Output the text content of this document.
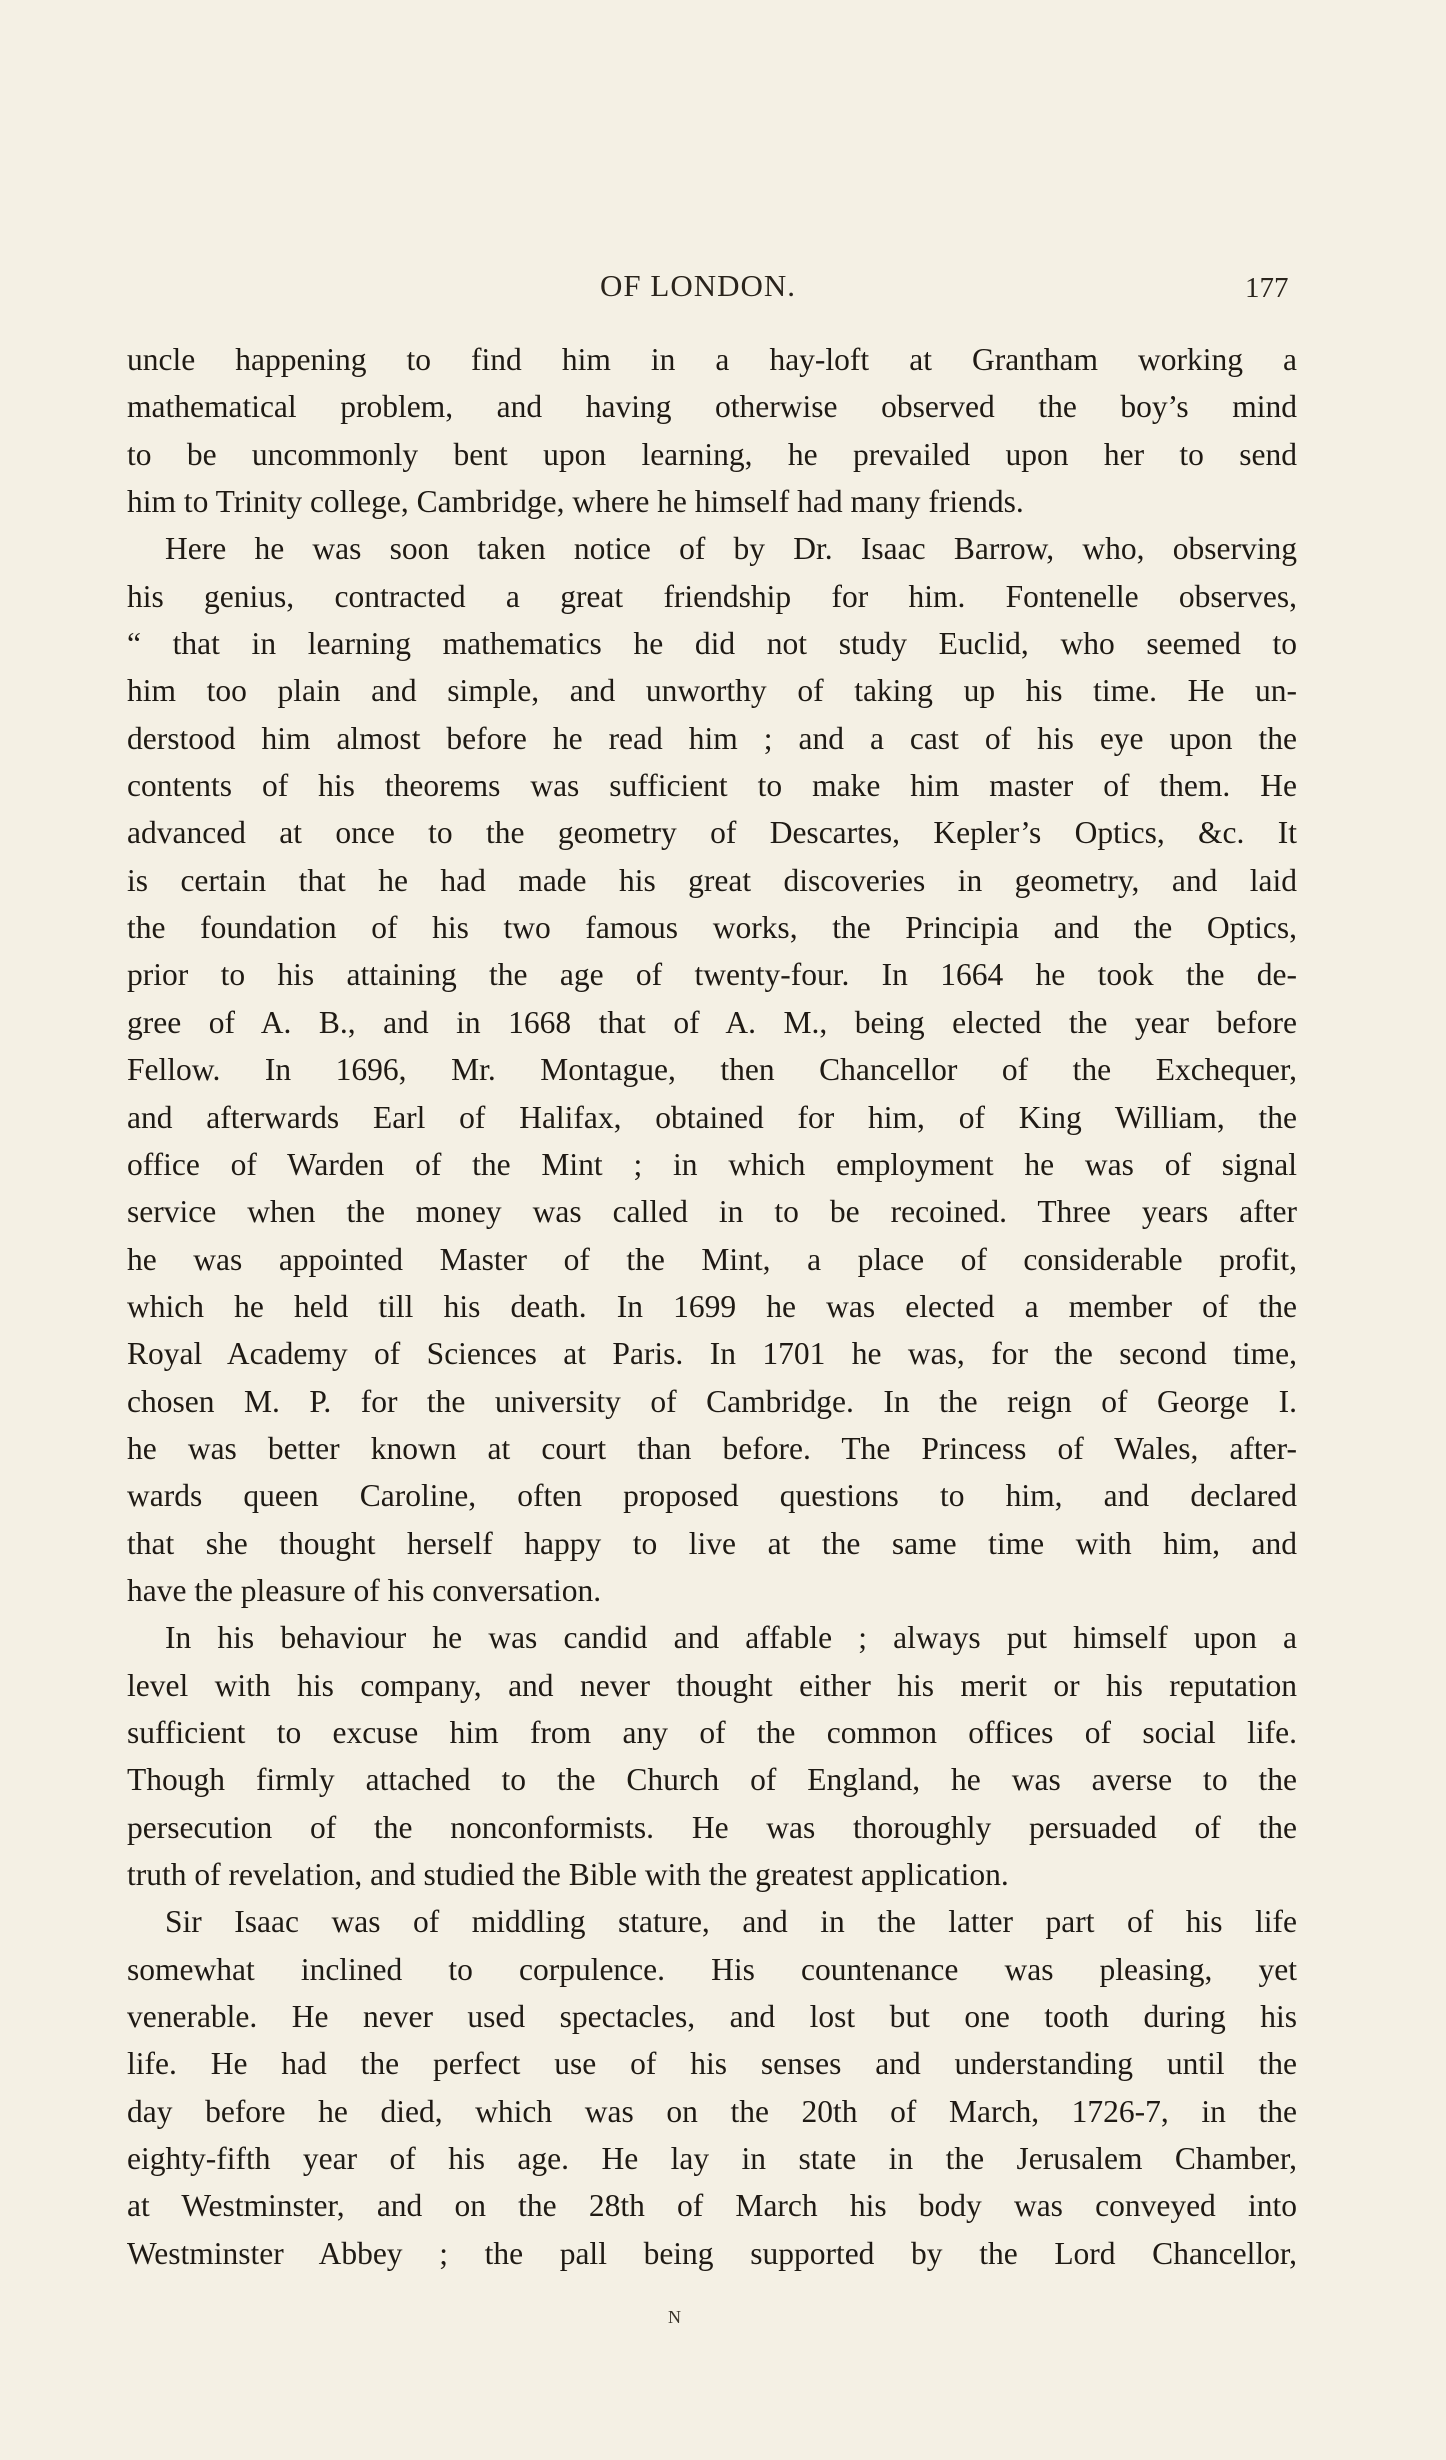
OF LONDON.	177
uncle happening to find him in a hay-loft at Grantham working a
mathematical problem, and having otherwise observed the boy’s mind
to be uncommonly bent upon learning, he prevailed upon her to send
him to Trinity college, Cambridge, where he himself had many friends.
Here he was soon taken notice of by Dr. Isaac Barrow, who, observing
his genius, contracted a great friendship for him. Fontenelle observes,
“ that in learning mathematics he did not study Euclid, who seemed to
him too plain and simple, and unworthy of taking up his time. He un-
derstood him almost before he read him ; and a cast of his eye upon the
contents of his theorems was sufficient to make him master of them. He
advanced at once to the geometry of Descartes, Kepler’s Optics, &c. It
is certain that he had made his great discoveries in geometry, and laid
the foundation of his two famous works, the Principia and the Optics,
prior to his attaining the age of twenty-four. In 1664 he took the de-
gree of A. B., and in 1668 that of A. M., being elected the year before
Fellow. In 1696, Mr. Montague, then Chancellor of the Exchequer,
and afterwards Earl of Halifax, obtained for him, of King William, the
office of Warden of the Mint ; in which employment he was of signal
service when the money was called in to be recoined. Three years after
he was appointed Master of the Mint, a place of considerable profit,
which he held till his death. In 1699 he was elected a member of the
Royal Academy of Sciences at Paris. In 1701 he was, for the second time,
chosen M. P. for the university of Cambridge. In the reign of George I.
he was better known at court than before. The Princess of Wales, after-
wards queen Caroline, often proposed questions to him, and declared
that she thought herself happy to live at the same time with him, and
have the pleasure of his conversation.
In his behaviour he was candid and affable ; always put himself upon a
level with his company, and never thought either his merit or his reputation
sufficient to excuse him from any of the common offices of social life.
Though firmly attached to the Church of England, he was averse to the
persecution of the nonconformists. He was thoroughly persuaded of the
truth of revelation, and studied the Bible with the greatest application.
Sir Isaac was of middling stature, and in the latter part of his life
somewhat inclined to corpulence. His countenance was pleasing, yet
venerable. He never used spectacles, and lost but one tooth during his
life. He had the perfect use of his senses and understanding until the
day before he died, which was on the 20th of March, 1726-7, in the
eighty-fifth year of his age. He lay in state in the Jerusalem Chamber,
at Westminster, and on the 28th of March his body was conveyed into
Westminster Abbey ; the pall being supported by the Lord Chancellor,
N
